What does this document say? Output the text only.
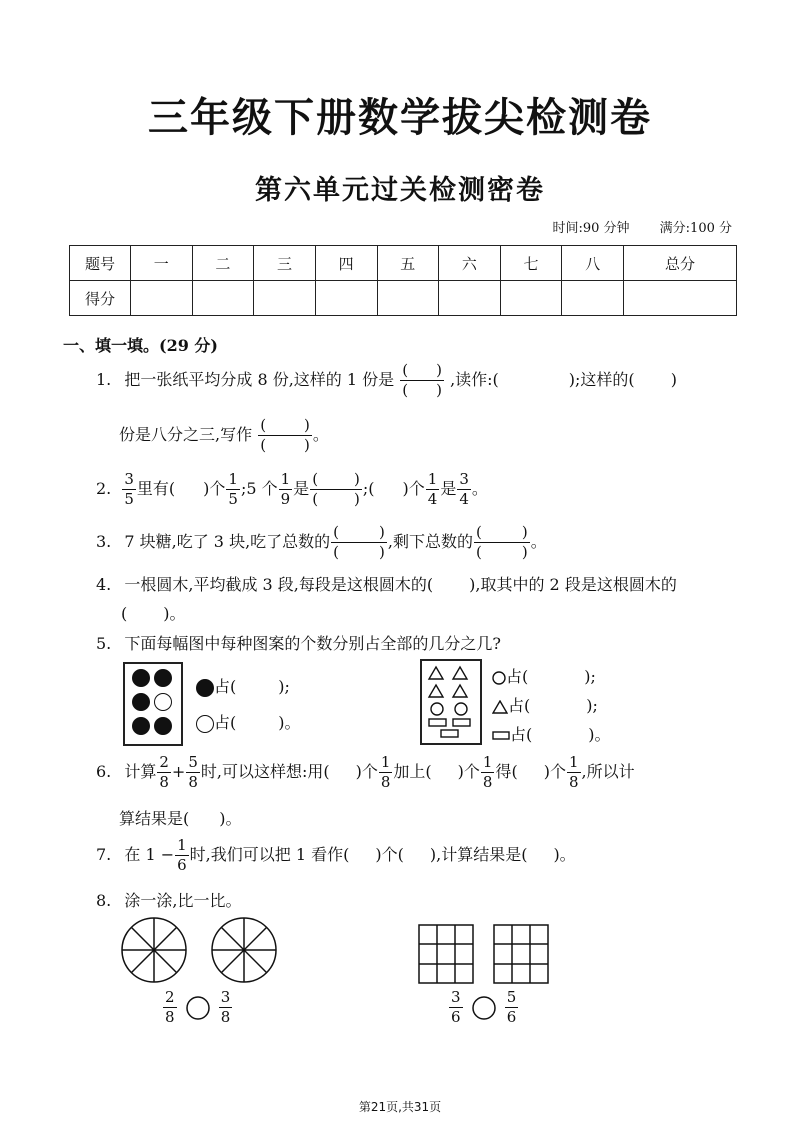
三年级下册数学拔尖检测卷
第六单元过关检测密卷
时间:90 分钟 满分:100 分
题号	一	二	三	四	五	六	七	八	总分
得分									
一、填一填。(29 分)
1. 把一张纸平均分成 8 份,这样的 1 份是 $\frac{( )}{( )}$ ,读作:(	);这样的( )
份是八分之三,写作 (	)
(	) 。
2. $\frac{3}{5}$ 里有( )个 $\frac{1}{5}$ ;5 个 $\frac{1}{9}$ 是 $\frac{( )}{( )}$ ;( )个 $\frac{1}{4}$ 是 $\frac{3}{4}$ 。
3. 7 块糖,吃了 3 块,吃了总数的 (	)
(	) ,剩下总数的 (	)
(	) 。
4. 一根圆木,平均截成 3 段,每段是这根圆木的( ),取其中的 2 段是这根圆木的
( )。
5. 下面每幅图中每种图案的个数分别占全部的几分之几?
占(	);
占(	)。
占(	);
占(	);
占(	)。
6. 计算 $\frac{2}{8} + \frac{5}{8}$ 时,可以这样想:用( )个 $\frac{1}{8}$ 加上( )个 $\frac{1}{8}$ 得( )个 $\frac{1}{8}$ ,所以计
算结果是( )。
7. 在 $1 - \frac{1}{6}$ 时,我们可以把 1 看作( )个( ),计算结果是( )。
8. 涂一涂,比一比。
$\frac{2}{8}$
	$\frac{3}{8}$	$\frac{3}{6}$
	$\frac{5}{6}$
第21页,共31页
